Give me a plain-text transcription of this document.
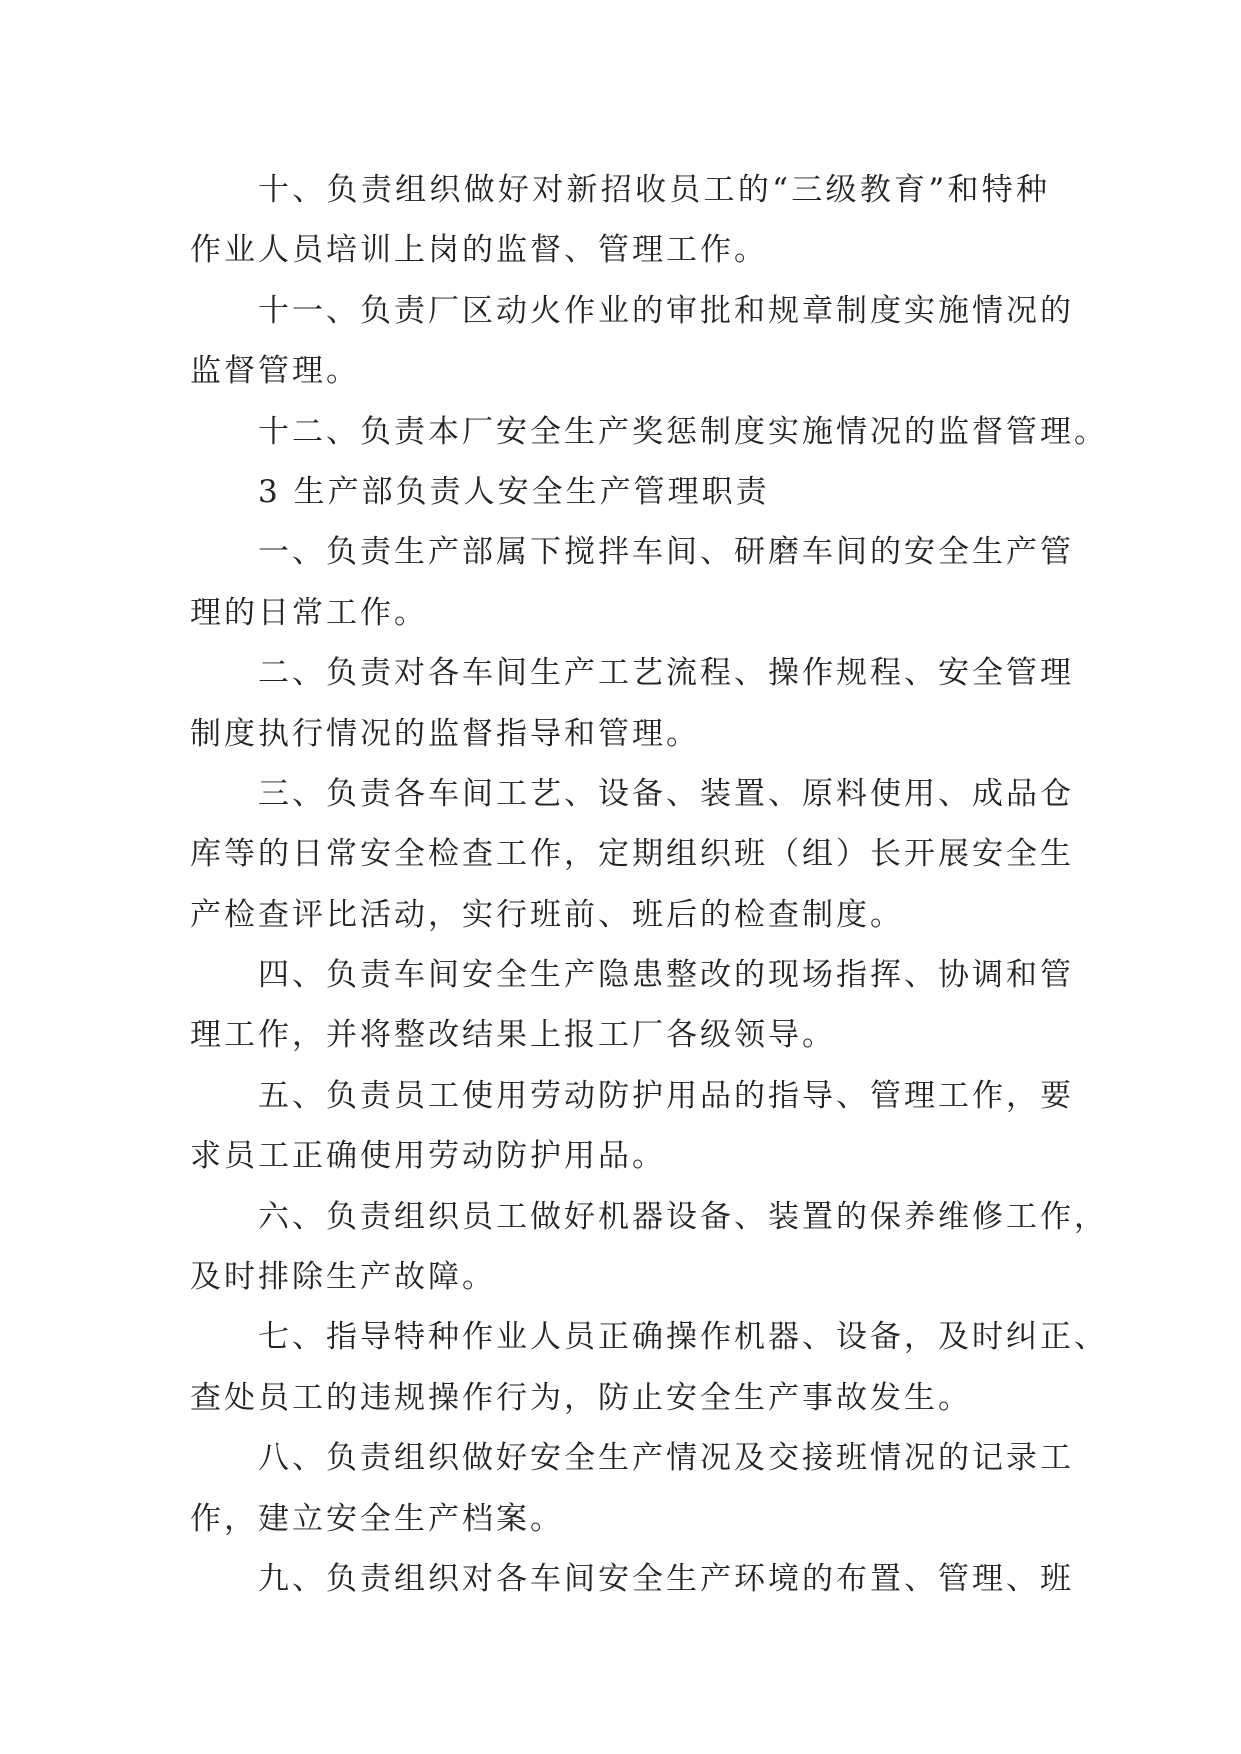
十、负责组织做好对新招收员工的“三级教育”和特种
作业人员培训上岗的监督、管理工作。
十一、负责厂区动火作业的审批和规章制度实施情况的
监督管理。
十二、负责本厂安全生产奖惩制度实施情况的监督管理。
3 生产部负责人安全生产管理职责
一、负责生产部属下搅拌车间、研磨车间的安全生产管
理的日常工作。
二、负责对各车间生产工艺流程、操作规程、安全管理
制度执行情况的监督指导和管理。
三、负责各车间工艺、设备、装置、原料使用、成品仓
库等的日常安全检查工作，定期组织班（组）长开展安全生
产检查评比活动，实行班前、班后的检查制度。
四、负责车间安全生产隐患整改的现场指挥、协调和管
理工作，并将整改结果上报工厂各级领导。
五、负责员工使用劳动防护用品的指导、管理工作，要
求员工正确使用劳动防护用品。
六、负责组织员工做好机器设备、装置的保养维修工作，
及时排除生产故障。
七、指导特种作业人员正确操作机器、设备，及时纠正、
查处员工的违规操作行为，防止安全生产事故发生。
八、负责组织做好安全生产情况及交接班情况的记录工
作，建立安全生产档案。
九、负责组织对各车间安全生产环境的布置、管理、班
